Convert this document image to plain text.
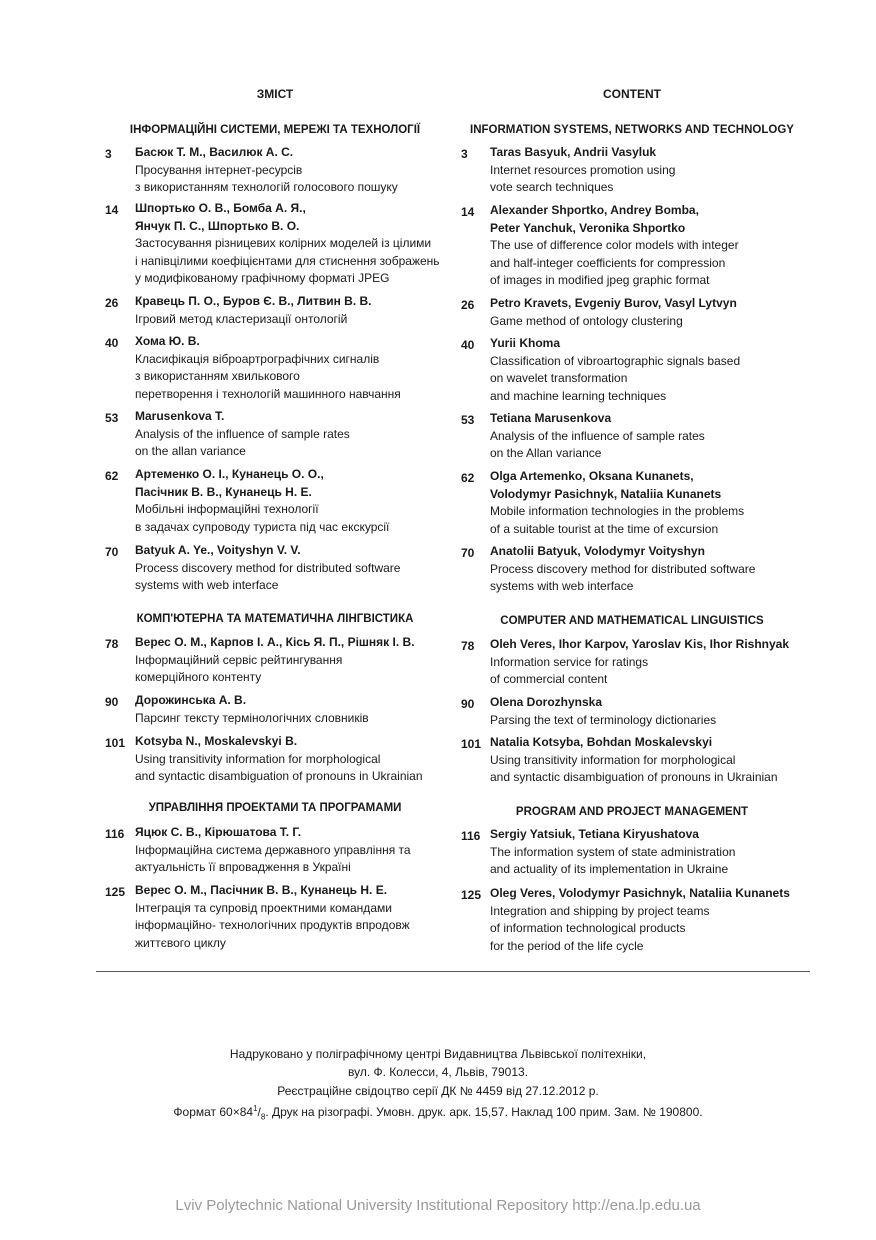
ЗМІСТ
ІНФОРМАЦІЙНІ СИСТЕМИ, МЕРЕЖІ ТА ТЕХНОЛОГІЇ
3 Басюк Т. М., Василюк А. С.
Просування інтернет-ресурсів
з використанням технологій голосового пошуку
14 Шпортько О. В., Бомба А. Я.,
Янчук П. С., Шпортько В. О.
Застосування різницевих колірних моделей із цілими
і напівцілими коефіцієнтами для стиснення зображень
у модифікованому графічному форматі JPEG
26 Кравець П. О., Буров Є. В., Литвин В. В.
Ігровий метод кластеризації онтологій
40 Хома Ю. В.
Класифікація віброартрографічних сигналів
з використанням хвилькового
перетворення і технологій машинного навчання
53 Marusenkova T.
Analysis of the influence of sample rates
on the allan variance
62 Артеменко О. І., Кунанець О. О.,
Пасічник В. В., Кунанець Н. Е.
Мобільні інформаційні технології
в задачах супроводу туриста під час екскурсії
70 Batyuk A. Ye., Voityshyn V. V.
Process discovery method for distributed software
systems with web interface
КОМП'ЮТЕРНА ТА МАТЕМАТИЧНА ЛІНГВІСТИКА
78 Верес О. М., Карпов І. А., Кісь Я. П., Рішняк І. В.
Інформаційний сервіс рейтингування
комерційного контенту
90 Дорожинська А. В.
Парсинг тексту термінологічних словників
101 Kotsyba N., Moskalevskyi B.
Using transitivity information for morphological
and syntactic disambiguation of pronouns in Ukrainian
УПРАВЛІННЯ ПРОЕКТАМИ ТА ПРОГРАМАМИ
116 Яцюк С. В., Кірюшатова Т. Г.
Інформаційна система державного управління та
актуальність її впровадження в Україні
125 Верес О. М., Пасічник В. В., Кунанець Н. Е.
Інтеграція та супровід проектними командами
інформаційно- технологічних продуктів впродовж
життєвого циклу
CONTENT
INFORMATION SYSTEMS, NETWORKS AND TECHNOLOGY
3 Taras Basyuk, Andrii Vasyluk
Internet resources promotion using
vote search techniques
14 Alexander Shportko, Andrey Bomba,
Peter Yanchuk, Veronika Shportko
The use of difference color models with integer
and half-integer coefficients for compression
of images in modified jpeg graphic format
26 Petro Kravets, Evgeniy Burov, Vasyl Lytvyn
Game method of ontology clustering
40 Yurii Khoma
Classification of vibroartographic signals based
on wavelet transformation
and machine learning techniques
53 Tetiana Marusenkova
Analysis of the influence of sample rates
on the Allan variance
62 Olga Artemenko, Oksana Kunanets,
Volodymyr Pasichnyk, Nataliia Kunanets
Mobile information technologies in the problems
of a suitable tourist at the time of excursion
70 Anatolii Batyuk, Volodymyr Voityshyn
Process discovery method for distributed software
systems with web interface
COMPUTER AND MATHEMATICAL LINGUISTICS
78 Oleh Veres, Ihor Karpov, Yaroslav Kis, Ihor Rishnyak
Information service for ratings
of commercial content
90 Olena Dorozhynska
Parsing the text of terminology dictionaries
101 Natalia Kotsyba, Bohdan Moskalevskyi
Using transitivity information for morphological
and syntactic disambiguation of pronouns in Ukrainian
PROGRAM AND PROJECT MANAGEMENT
116 Sergiy Yatsiuk, Tetiana Kiryushatova
The information system of state administration
and actuality of its implementation in Ukraine
125 Oleg Veres, Volodymyr Pasichnyk, Nataliia Kunanets
Integration and shipping by project teams
of information technological products
for the period of the life cycle
Надруковано у поліграфічному центрі Видавництва Львівської політехніки,
вул. Ф. Колесси, 4, Львів, 79013.
Реєстраційне свідоцтво серії ДК № 4459 від 27.12.2012 р.
Формат $60\times 84^1/_8$. Друк на різографі. Умовн. друк. арк. 15,57. Наклад 100 прим. Зам. № 190800.
Lviv Polytechnic National University Institutional Repository http://ena.lp.edu.ua
